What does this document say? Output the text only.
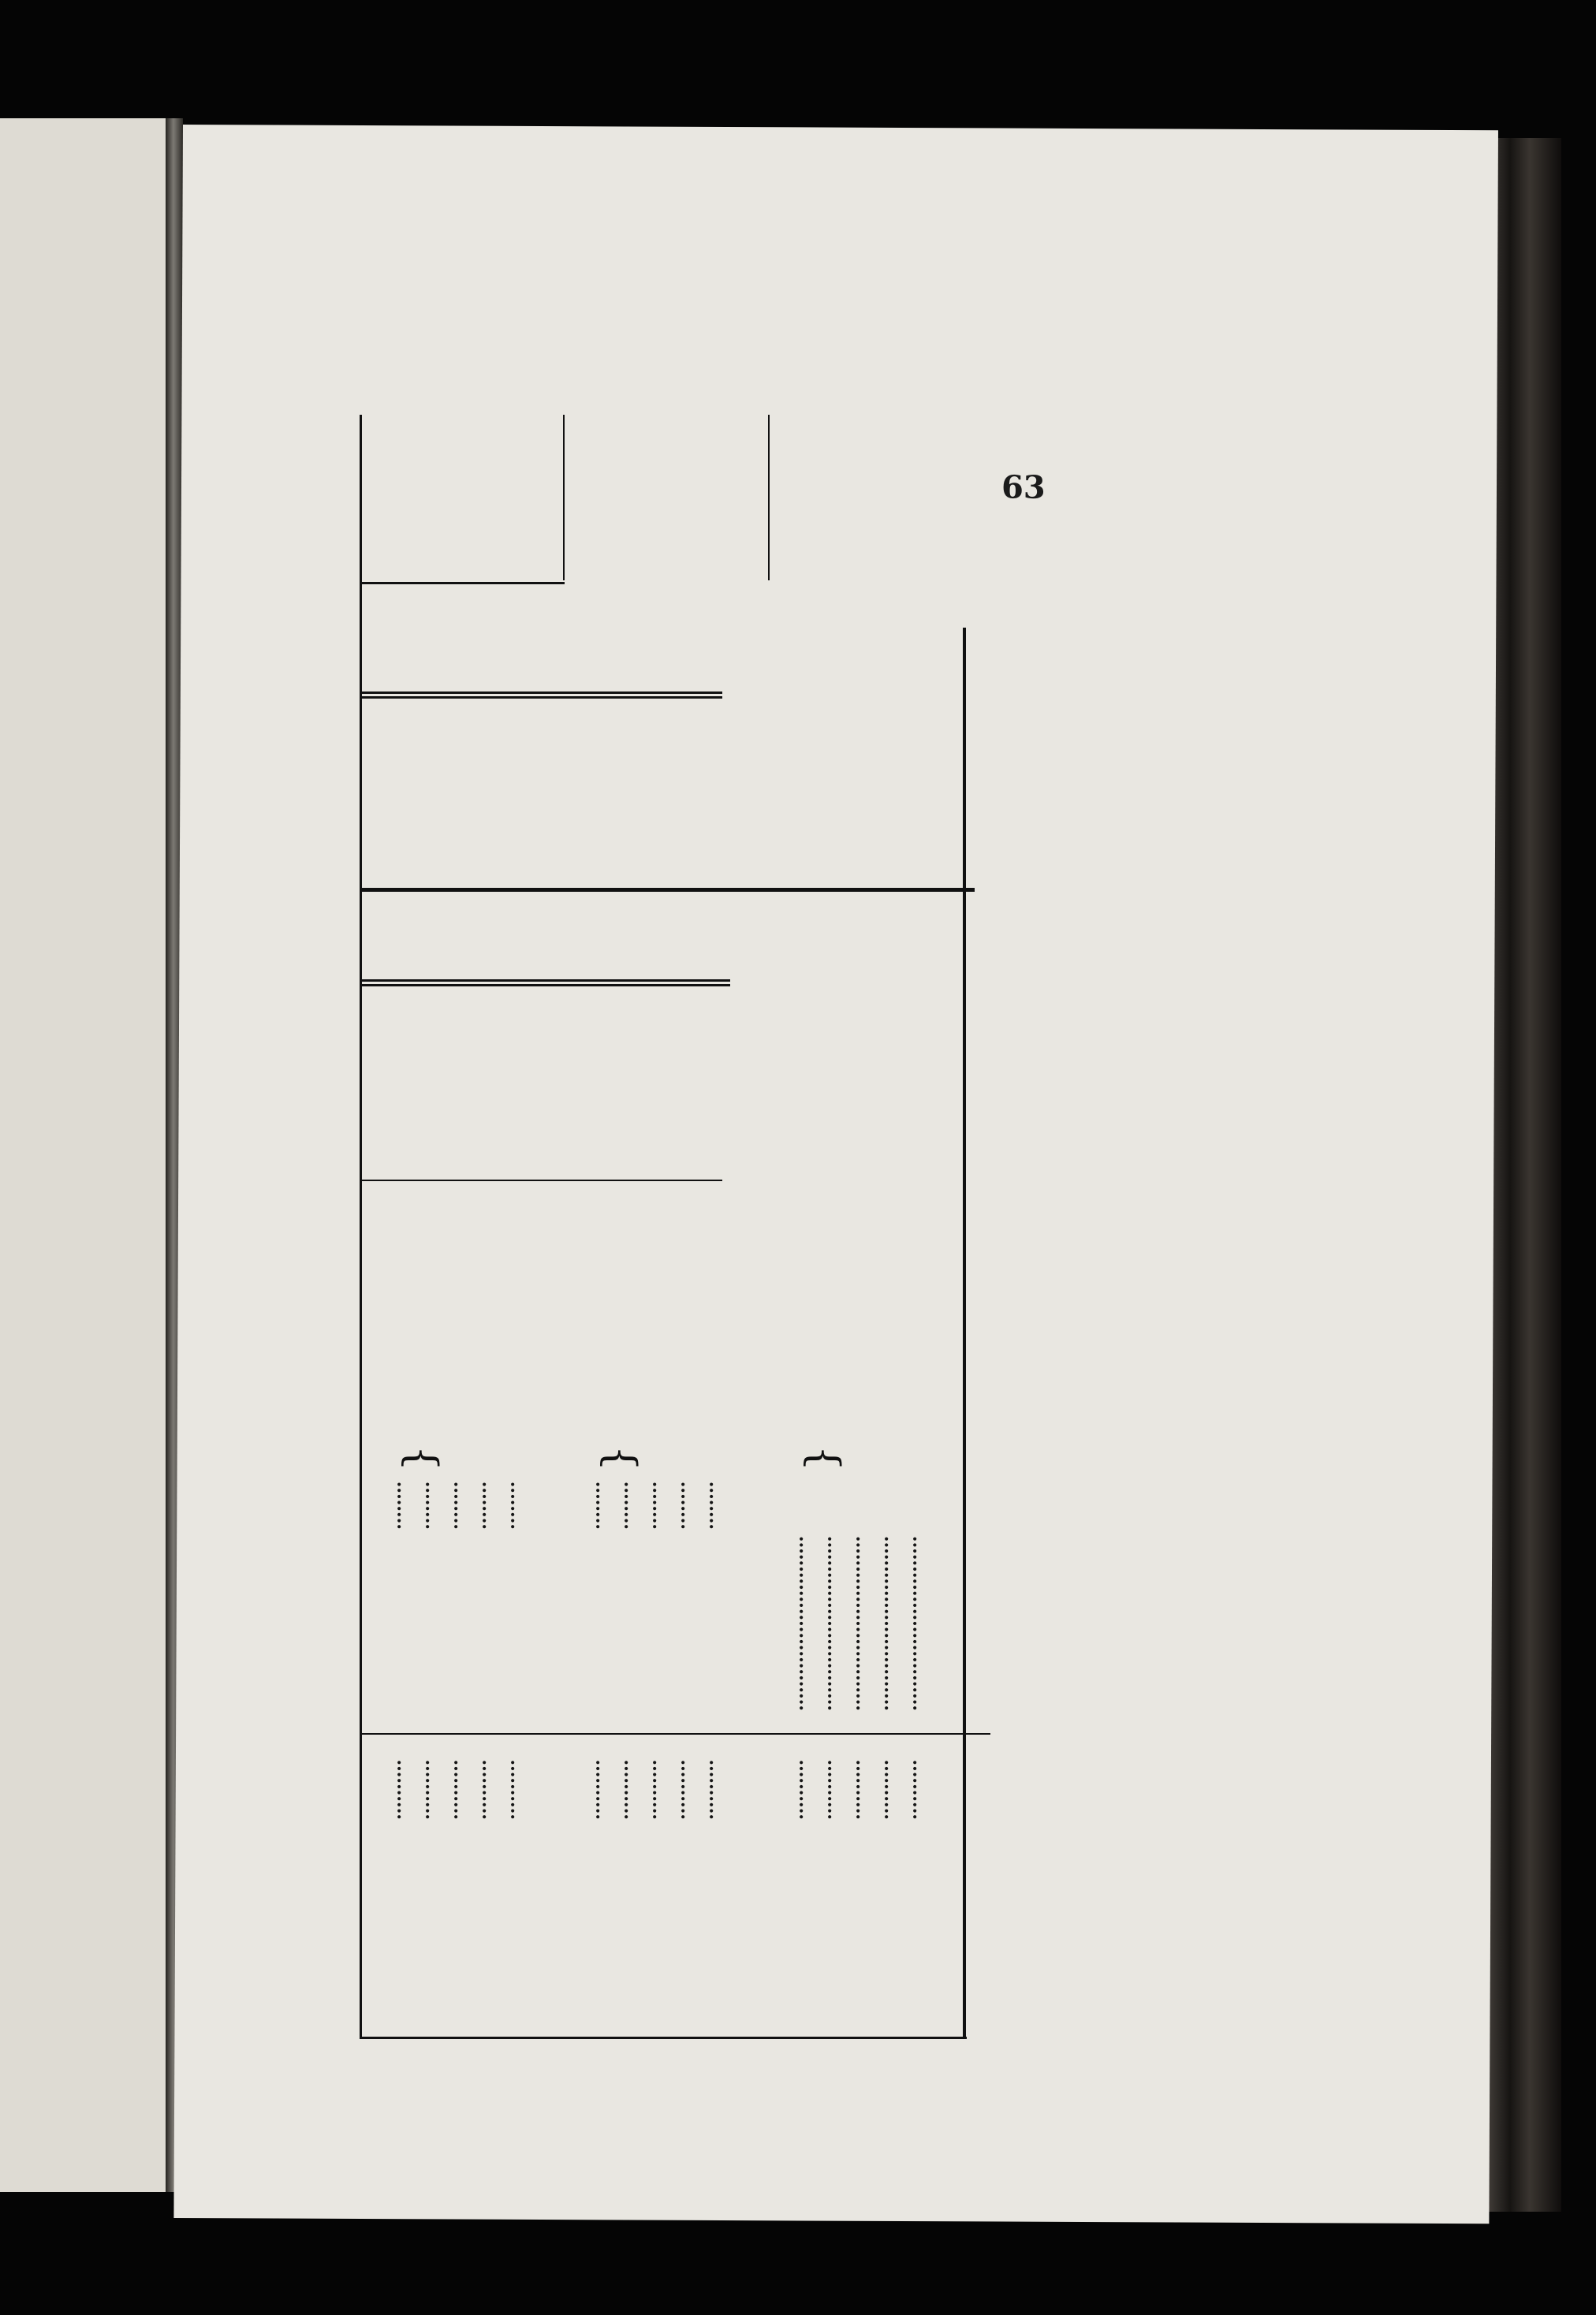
63
..........
........
..........
........
..........
........
..........
........
..........
........
}
..........
........
..........
........
..........
........
..........
........
..........
........
}
..........
.............................
..........
.............................
..........
.............................
..........
.............................
..........
.............................
}
